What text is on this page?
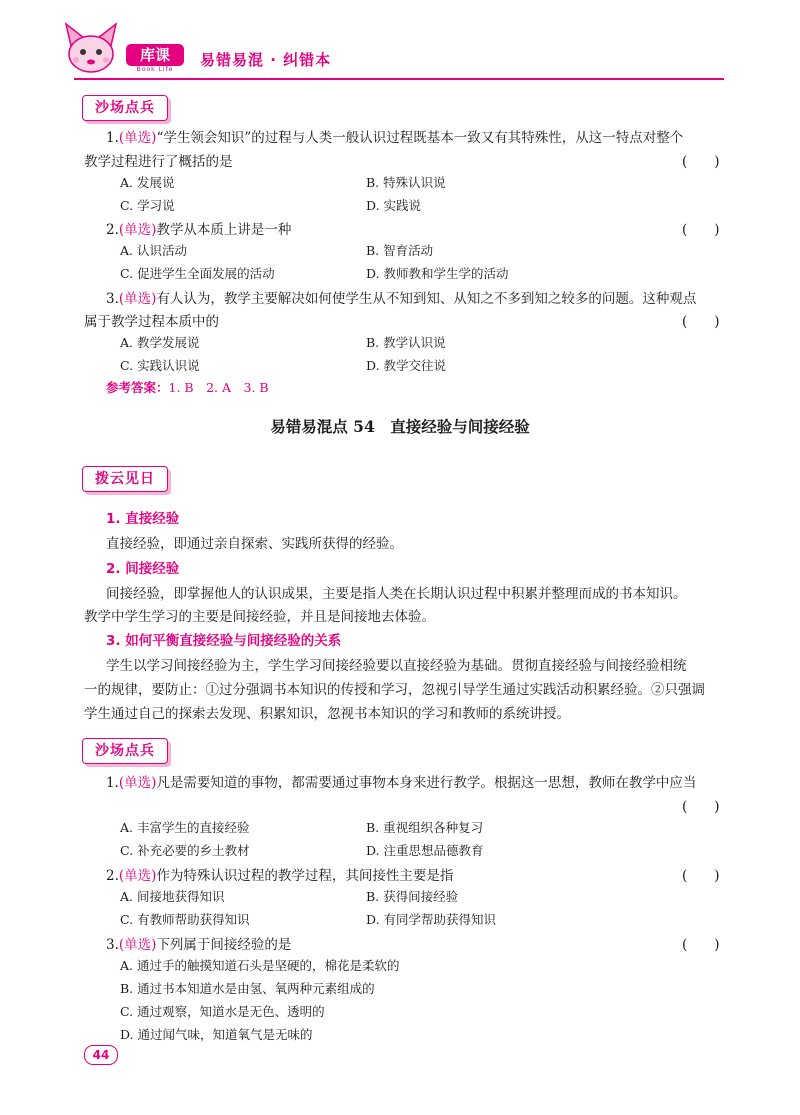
库课
Book Life
易错易混 · 纠错本
沙场点兵
1.(单选)“学生领会知识”的过程与人类一般认识过程既基本一致又有其特殊性，从这一特点对整个
教学过程进行了概括的是	(　　)
A. 发展说	B. 特殊认识说
C. 学习说	D. 实践说
2.(单选)教学从本质上讲是一种	(　　)
A. 认识活动	B. 智育活动
C. 促进学生全面发展的活动	D. 教师教和学生学的活动
3.(单选)有人认为，教学主要解决如何使学生从不知到知、从知之不多到知之较多的问题。这种观点
属于教学过程本质中的	(　　)
A. 教学发展说	B. 教学认识说
C. 实践认识说	D. 教学交往说
参考答案：1. B　2. A　3. B
易错易混点 54　直接经验与间接经验
拨云见日
1. 直接经验
直接经验，即通过亲自探索、实践所获得的经验。
2. 间接经验
间接经验，即掌握他人的认识成果，主要是指人类在长期认识过程中积累并整理而成的书本知识。
教学中学生学习的主要是间接经验，并且是间接地去体验。
3. 如何平衡直接经验与间接经验的关系
学生以学习间接经验为主，学生学习间接经验要以直接经验为基础。贯彻直接经验与间接经验相统
一的规律，要防止：①过分强调书本知识的传授和学习，忽视引导学生通过实践活动积累经验。②只强调
学生通过自己的探索去发现、积累知识，忽视书本知识的学习和教师的系统讲授。
沙场点兵
1.(单选)凡是需要知道的事物，都需要通过事物本身来进行教学。根据这一思想，教师在教学中应当
(　　)
A. 丰富学生的直接经验	B. 重视组织各种复习
C. 补充必要的乡土教材	D. 注重思想品德教育
2.(单选)作为特殊认识过程的教学过程，其间接性主要是指	(　　)
A. 间接地获得知识	B. 获得间接经验
C. 有教师帮助获得知识	D. 有同学帮助获得知识
3.(单选)下列属于间接经验的是	(　　)
A. 通过手的触摸知道石头是坚硬的，棉花是柔软的
B. 通过书本知道水是由氢、氧两种元素组成的
C. 通过观察，知道水是无色、透明的
D. 通过闻气味，知道氧气是无味的
44
